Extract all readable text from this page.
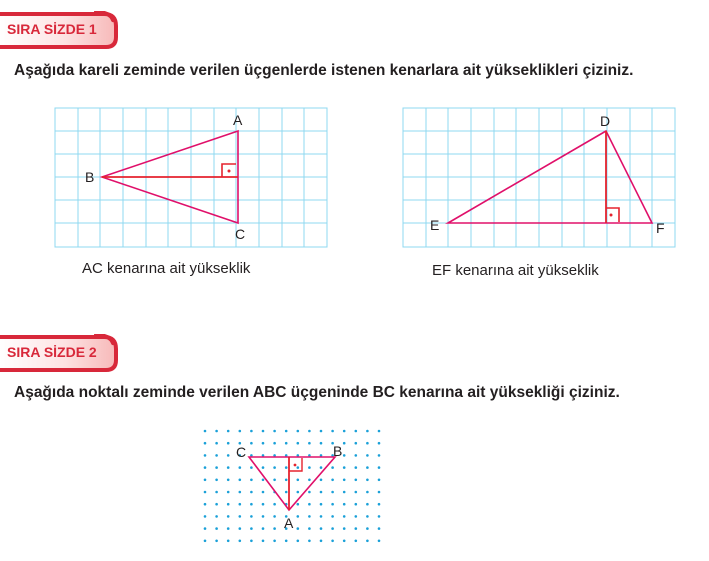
SIRA SİZDE 1
Aşağıda kareli zeminde verilen üçgenlerde istenen kenarlara ait yükseklikleri çiziniz.
A
B
C
D
E	F
AC kenarına ait yükseklik	EF kenarına ait yükseklik
SIRA SİZDE 2
Aşağıda noktalı zeminde verilen ABC üçgeninde BC kenarına ait yüksekliği çiziniz.
C	B
A
